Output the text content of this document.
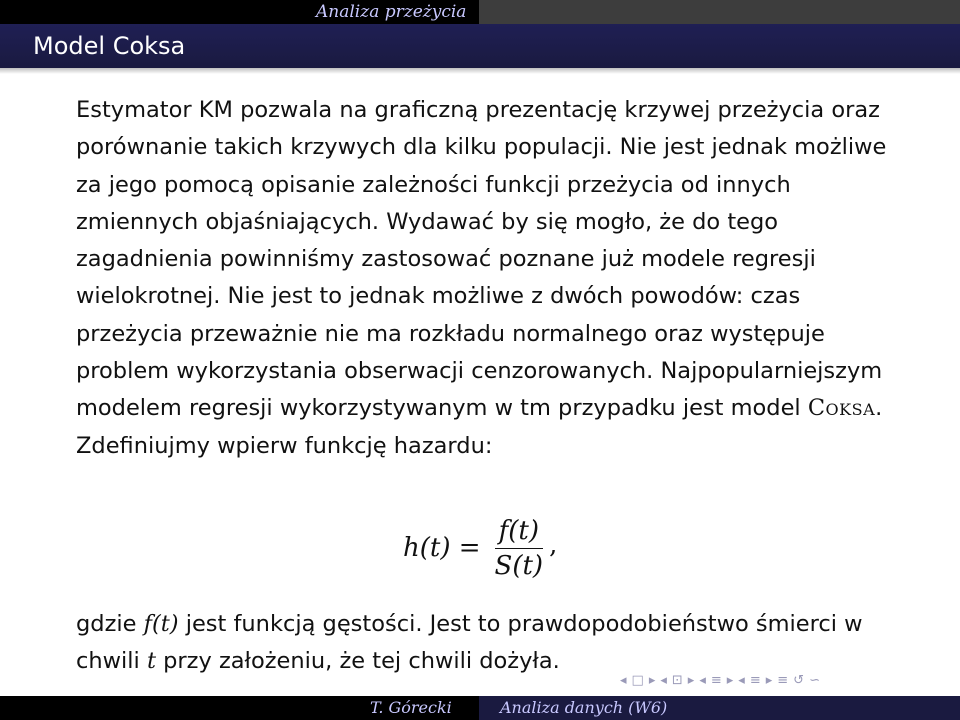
Analiza przeżycia
Model Coksa

Estymator KM pozwala na graficzną prezentację krzywej przeżycia oraz porównanie takich krzywych dla kilku populacji. Nie jest jednak możliwe za jego pomocą opisanie zależności funkcji przeżycia od innych zmiennych objaśniających. Wydawać by się mogło, że do tego zagadnienia powinniśmy zastosować poznane już modele regresji wielokrotnej. Nie jest to jednak możliwe z dwóch powodów: czas przeżycia przeważnie nie ma rozkładu normalnego oraz występuje problem wykorzystania obserwacji cenzorowanych. Najpopularniejszym modelem regresji wykorzystywanym w tm przypadku jest model Coksa. Zdefiniujmy wpierw funkcję hazardu:

$h(t) = \frac{f(t)}{S(t)}$ ,
gdzie f(t) jest funkcją gęstości. Jest to prawdopodobieństwo śmierci w chwili t przy założeniu, że tej chwili dożyła.
◂ □ ▸ ◂ ⊡ ▸ ◂ ≡ ▸ ◂ ≡ ▸ ≡ ↺ ∽
T. Górecki	Analiza danych (W6)
